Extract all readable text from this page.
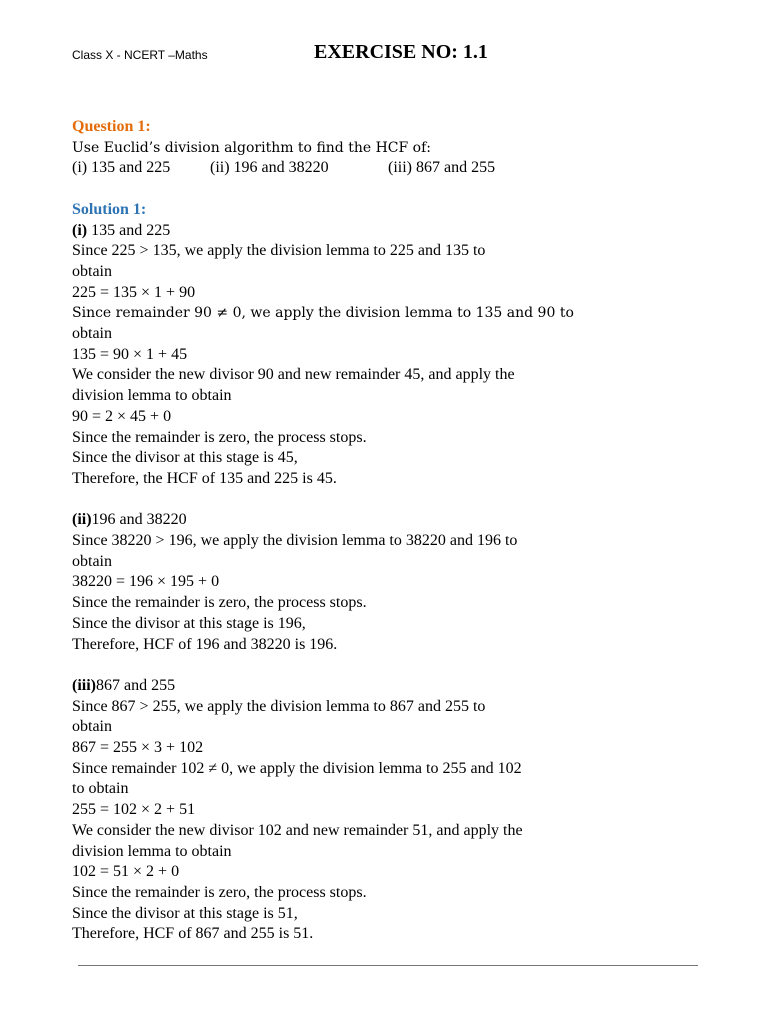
Class X - NCERT –Maths	EXERCISE NO: 1.1
Question 1:
Use Euclid’s division algorithm to find the HCF of:
(i) 135 and 225 (ii) 196 and 38220	(iii) 867 and 255
Solution 1:
(i) 135 and 225
Since 225 > 135, we apply the division lemma to 225 and 135 to
obtain
225 = 135 × 1 + 90
Since remainder 90 ≠ 0, we apply the division lemma to 135 and 90 to
obtain
135 = 90 × 1 + 45
We consider the new divisor 90 and new remainder 45, and apply the
division lemma to obtain
90 = 2 × 45 + 0
Since the remainder is zero, the process stops.
Since the divisor at this stage is 45,
Therefore, the HCF of 135 and 225 is 45.
(ii)196 and 38220
Since 38220 > 196, we apply the division lemma to 38220 and 196 to
obtain
38220 = 196 × 195 + 0
Since the remainder is zero, the process stops.
Since the divisor at this stage is 196,
Therefore, HCF of 196 and 38220 is 196.
(iii)867 and 255
Since 867 > 255, we apply the division lemma to 867 and 255 to
obtain
867 = 255 × 3 + 102
Since remainder 102 ≠ 0, we apply the division lemma to 255 and 102
to obtain
255 = 102 × 2 + 51
We consider the new divisor 102 and new remainder 51, and apply the
division lemma to obtain
102 = 51 × 2 + 0
Since the remainder is zero, the process stops.
Since the divisor at this stage is 51,
Therefore, HCF of 867 and 255 is 51.
